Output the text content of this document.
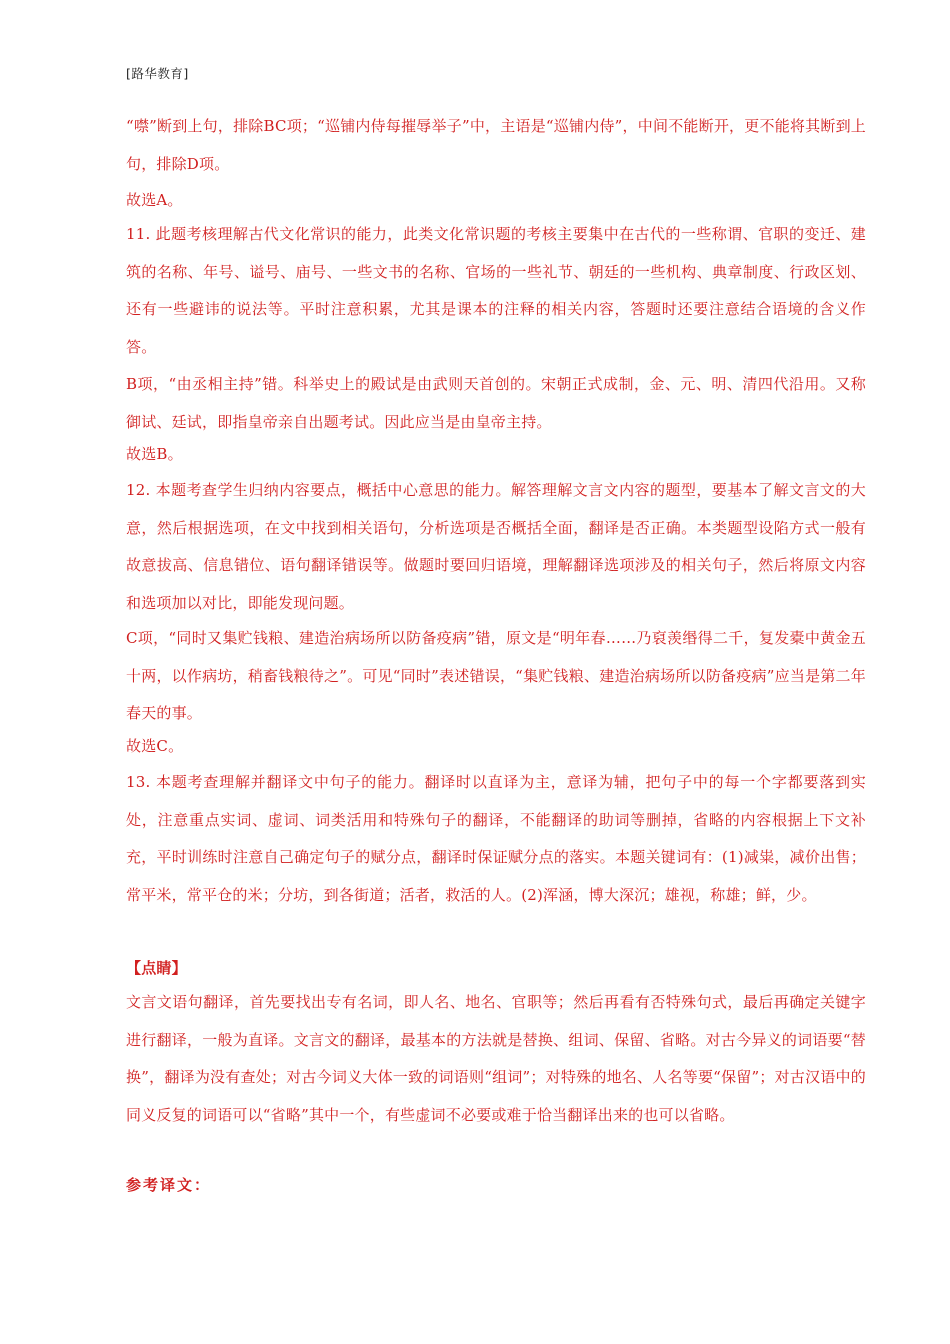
[路华教育]
“噤”断到上句，排除BC项；“巡铺内侍每摧辱举子”中，主语是“巡铺内侍”，中间不能断开，更不能将其断到上句，排除D项。
故选A。
11. 此题考核理解古代文化常识的能力，此类文化常识题的考核主要集中在古代的一些称谓、官职的变迁、建筑的名称、年号、谥号、庙号、一些文书的名称、官场的一些礼节、朝廷的一些机构、典章制度、行政区划、还有一些避讳的说法等。平时注意积累，尤其是课本的注释的相关内容，答题时还要注意结合语境的含义作答。
B项，“由丞相主持”错。科举史上的殿试是由武则天首创的。宋朝正式成制，金、元、明、清四代沿用。又称御试、廷试，即指皇帝亲自出题考试。因此应当是由皇帝主持。
故选B。
12. 本题考查学生归纳内容要点，概括中心意思的能力。解答理解文言文内容的题型，要基本了解文言文的大意，然后根据选项，在文中找到相关语句，分析选项是否概括全面，翻译是否正确。本类题型设陷方式一般有故意拔高、信息错位、语句翻译错误等。做题时要回归语境，理解翻译选项涉及的相关句子，然后将原文内容和选项加以对比，即能发现问题。
C项，“同时又集贮钱粮、建造治病场所以防备疫病”错，原文是“明年春……乃裒羡缗得二千，复发橐中黄金五十两，以作病坊，稍畜钱粮待之”。可见“同时”表述错误，“集贮钱粮、建造治病场所以防备疫病”应当是第二年春天的事。
故选C。
13. 本题考查理解并翻译文中句子的能力。翻译时以直译为主，意译为辅，把句子中的每一个字都要落到实处，注意重点实词、虚词、词类活用和特殊句子的翻译，不能翻译的助词等删掉，省略的内容根据上下文补充，平时训练时注意自己确定句子的赋分点，翻译时保证赋分点的落实。本题关键词有：(1)减粜，减价出售；常平米，常平仓的米；分坊，到各街道；活者，救活的人。(2)浑涵，博大深沉；雄视，称雄；鲜，少。
【点睛】
文言文语句翻译，首先要找出专有名词，即人名、地名、官职等；然后再看有否特殊句式，最后再确定关键字进行翻译，一般为直译。文言文的翻译，最基本的方法就是替换、组词、保留、省略。对古今异义的词语要“替换”，翻译为没有查处；对古今词义大体一致的词语则“组词”；对特殊的地名、人名等要“保留”；对古汉语中的同义反复的词语可以“省略”其中一个，有些虚词不必要或难于恰当翻译出来的也可以省略。
参考译文：
